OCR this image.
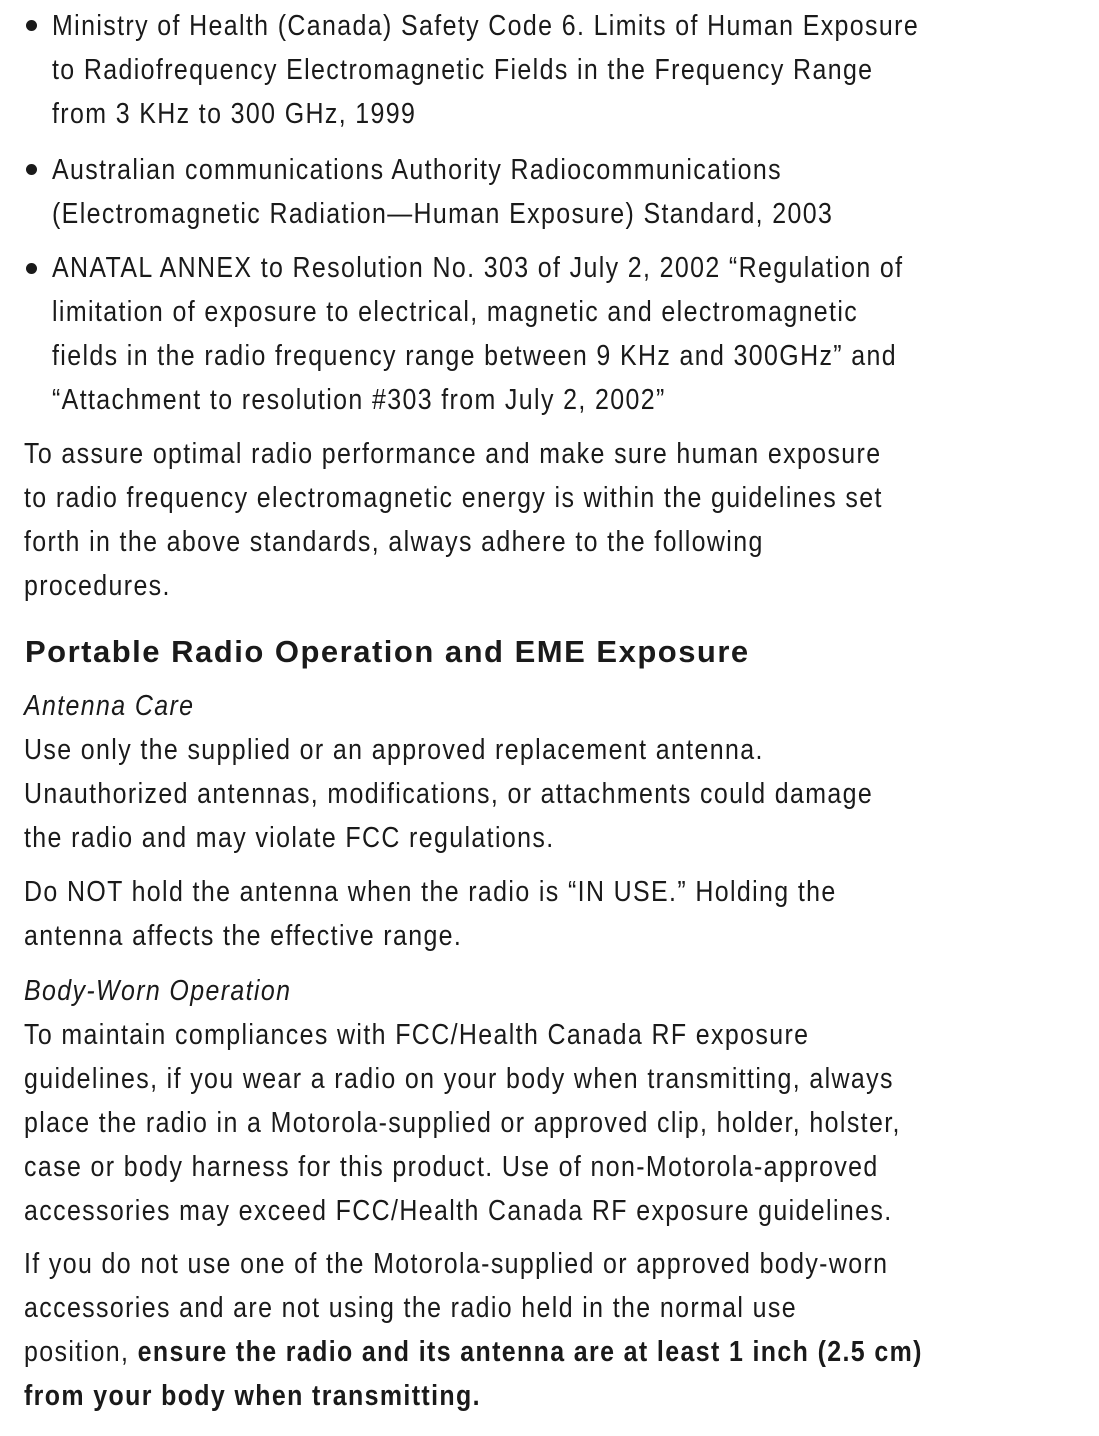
Ministry of Health (Canada) Safety Code 6. Limits of Human Exposure
to Radiofrequency Electromagnetic Fields in the Frequency Range
from 3 KHz to 300 GHz, 1999
Australian communications Authority Radiocommunications
(Electromagnetic Radiation—Human Exposure) Standard, 2003
ANATAL ANNEX to Resolution No. 303 of July 2, 2002 “Regulation of
limitation of exposure to electrical, magnetic and electromagnetic
fields in the radio frequency range between 9 KHz and 300GHz” and
“Attachment to resolution #303 from July 2, 2002”
To assure optimal radio performance and make sure human exposure
to radio frequency electromagnetic energy is within the guidelines set
forth in the above standards, always adhere to the following
procedures.
Portable Radio Operation and EME Exposure
Antenna Care
Use only the supplied or an approved replacement antenna.
Unauthorized antennas, modifications, or attachments could damage
the radio and may violate FCC regulations.
Do NOT hold the antenna when the radio is “IN USE.” Holding the
antenna affects the effective range.
Body-Worn Operation
To maintain compliances with FCC/Health Canada RF exposure
guidelines, if you wear a radio on your body when transmitting, always
place the radio in a Motorola-supplied or approved clip, holder, holster,
case or body harness for this product. Use of non-Motorola-approved
accessories may exceed FCC/Health Canada RF exposure guidelines.
If you do not use one of the Motorola-supplied or approved body-worn
accessories and are not using the radio held in the normal use
position, ensure the radio and its antenna are at least 1 inch (2.5 cm)
from your body when transmitting.
